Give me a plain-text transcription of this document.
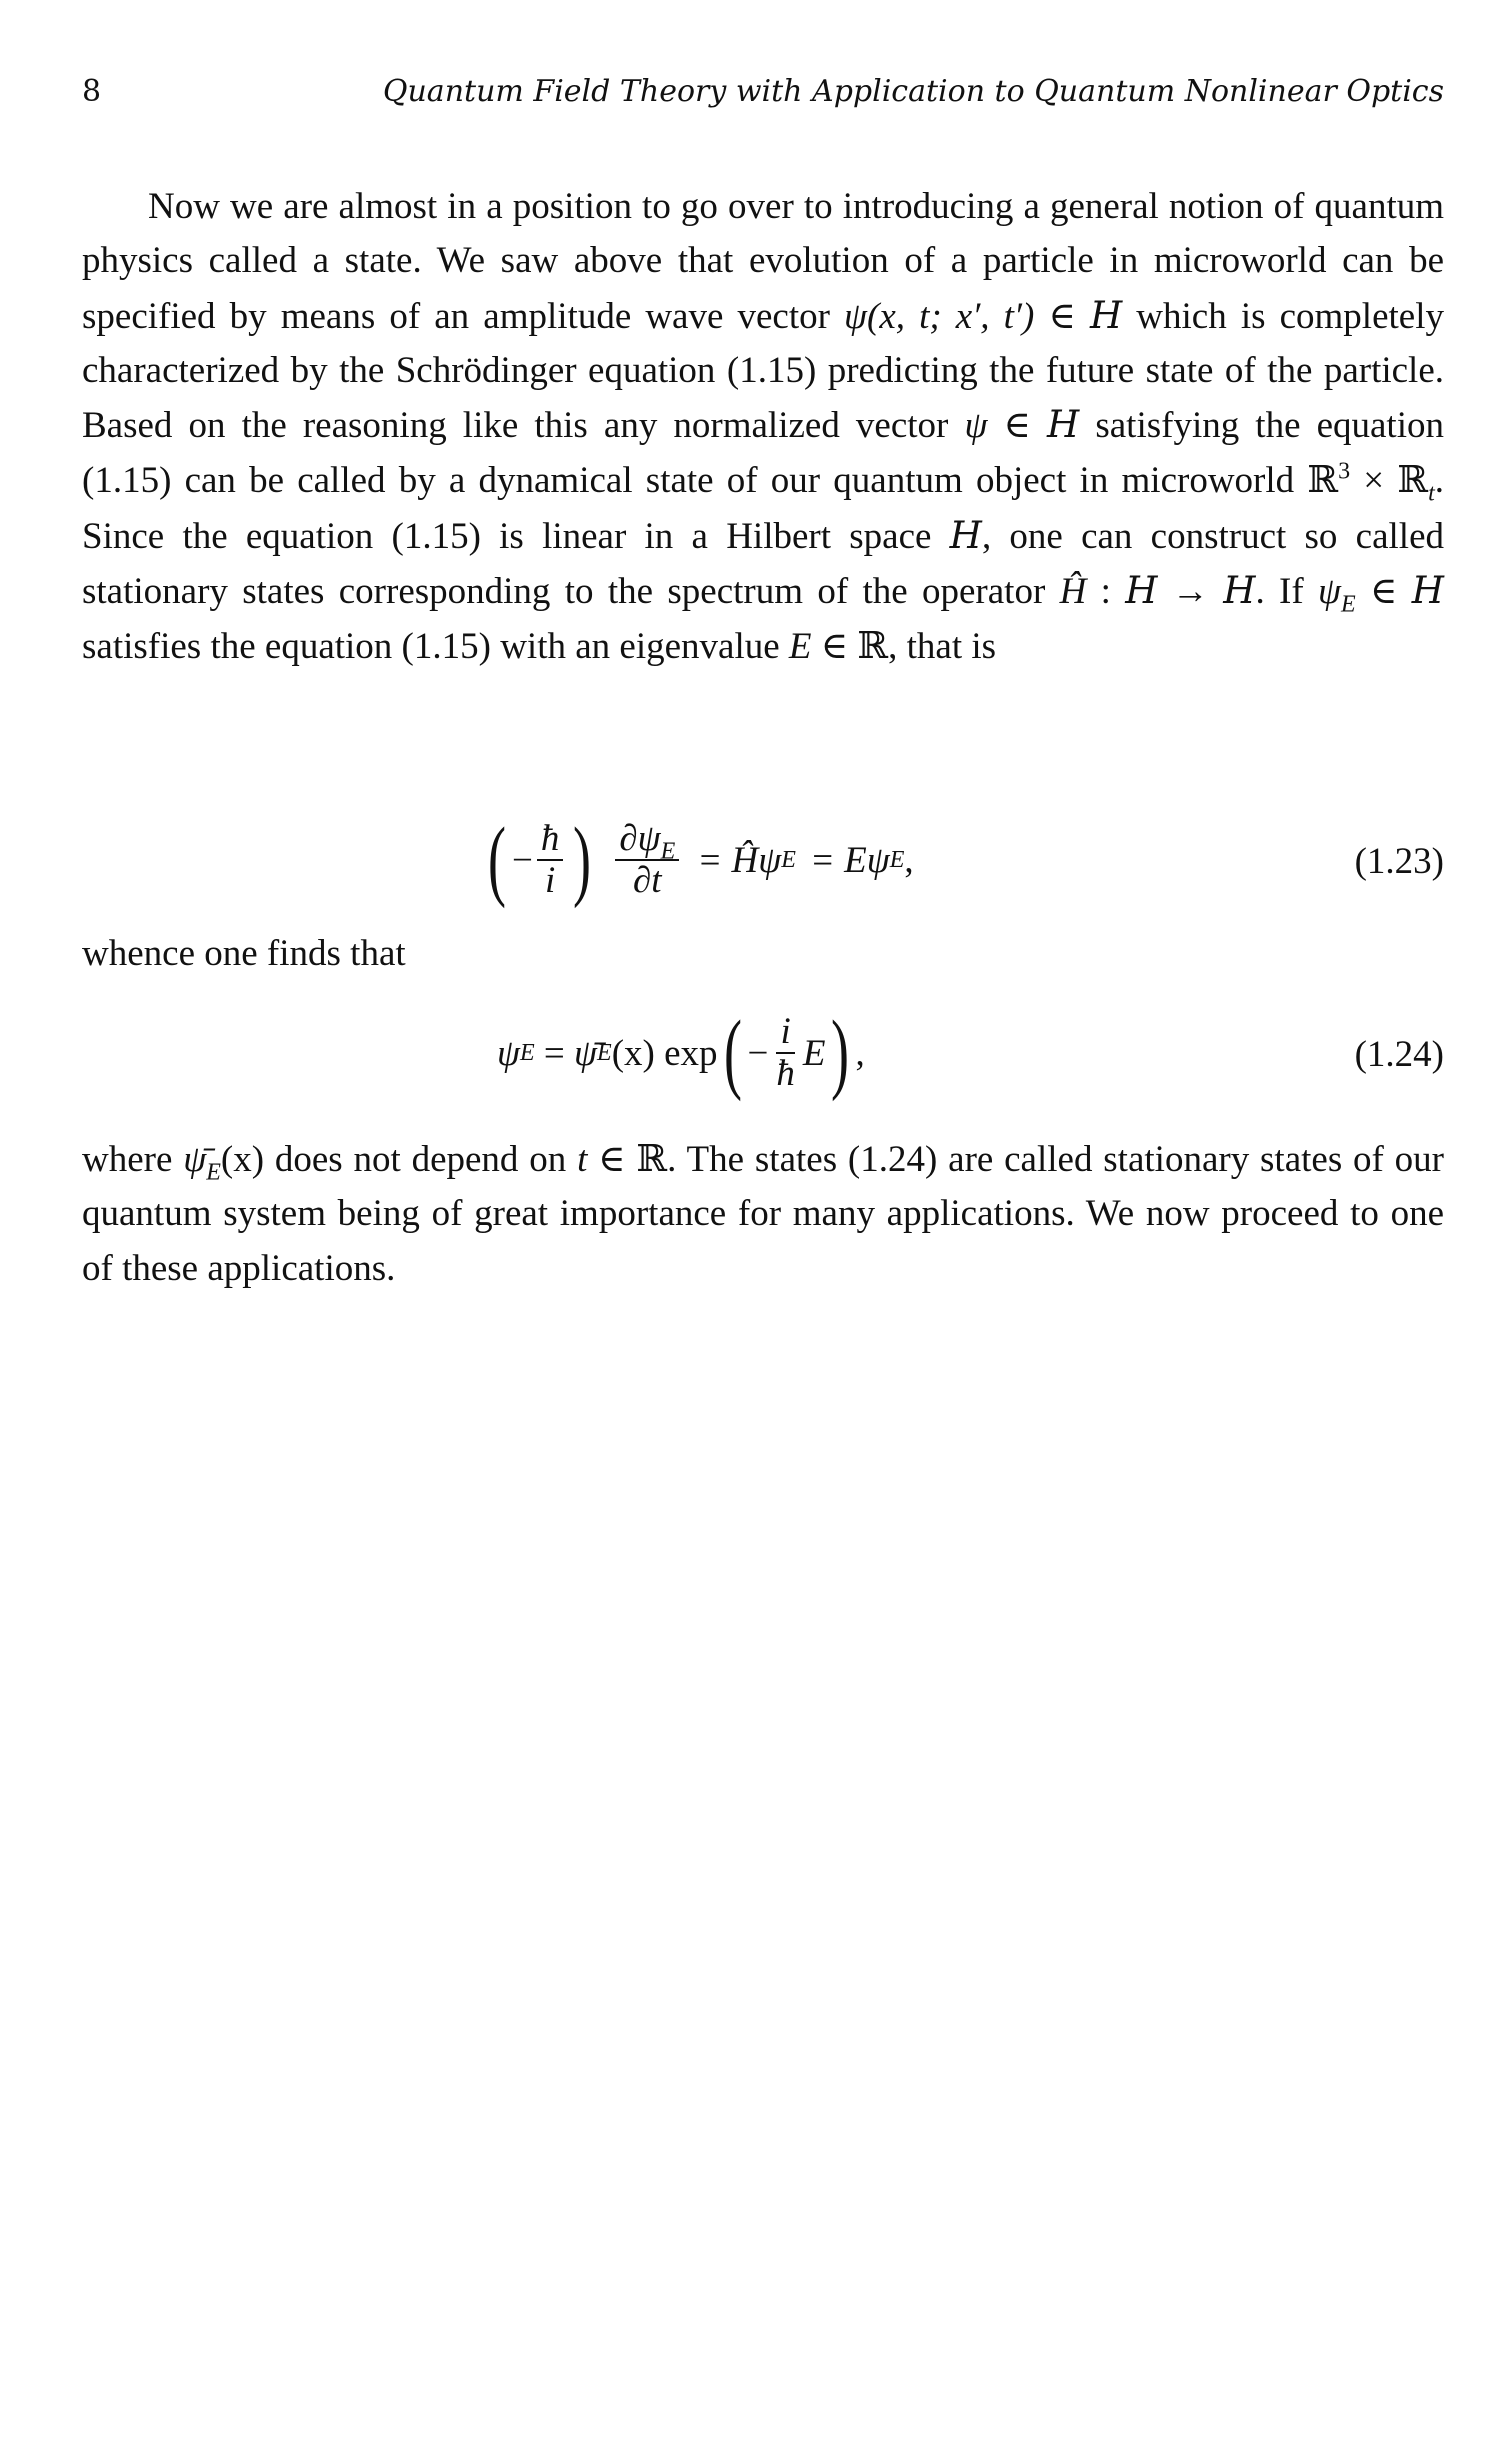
8	Quantum Field Theory with Application to Quantum Nonlinear Optics
Now we are almost in a position to go over to introducing a general notion of quantum physics called a state. We saw above that evolution of a particle in microworld can be specified by means of an amplitude wave vector ψ(x, t; x′, t′) ∈ H which is completely characterized by the Schrödinger equation (1.15) predicting the future state of the particle. Based on the reasoning like this any normalized vector ψ ∈ H satisfying the equation (1.15) can be called by a dynamical state of our quantum object in microworld ℝ$^3$ × ℝ$_t$. Since the equation (1.15) is linear in a Hilbert space H, one can construct so called stationary states corresponding to the spectrum of the operator Ĥ : H → H. If $\psi_E$ ∈ H satisfies the equation (1.15) with an eigenvalue E ∈ ℝ, that is
( − $\frac{ħ}{i}$ ) $\frac{\partial\psi_E}{\partial t}$ = Ĥψ E = Eψ E ,	(1.23)
whence one finds that
ψ E = ψ̄ E (x) exp ( − $\frac{i}{ħ}$ E ) ,	(1.24)
where $\psī_E(x)$ does not depend on t ∈ ℝ. The states (1.24) are called stationary states of our quantum system being of great importance for many applications. We now proceed to one of these applications.
